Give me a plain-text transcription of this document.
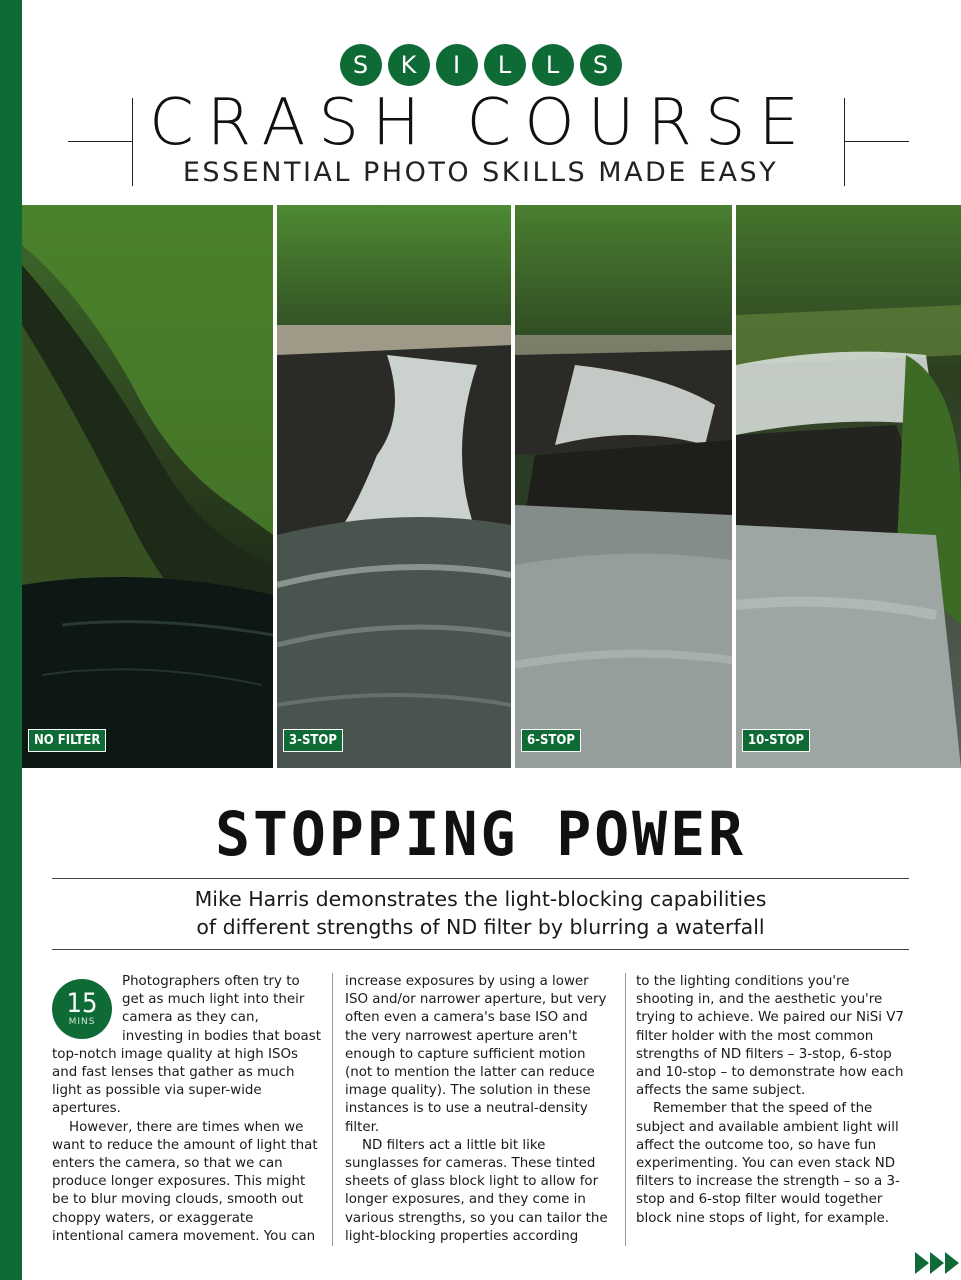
S	K	I	L	L	S
CRASH COURSE
ESSENTIAL PHOTO SKILLS MADE EASY
NO FILTER	3-STOP	6-STOP	10-STOP
STOPPING POWER
Mike Harris demonstrates the light-blocking capabilities
of different strengths of ND filter by blurring a waterfall
15
MINS

Photographers often try to get as much light into their camera as they can, investing in bodies that boast top-notch image quality at high ISOs and fast lenses that gather as much light as possible via super-wide apertures.

However, there are times when we want to reduce the amount of light that enters the camera, so that we can produce longer exposures. This might be to blur moving clouds, smooth out choppy waters, or exaggerate intentional camera movement. You can

increase exposures by using a lower ISO and/or narrower aperture, but very often even a camera's base ISO and the very narrowest aperture aren't enough to capture sufficient motion (not to mention the latter can reduce image quality). The solution in these instances is to use a neutral-density filter.

ND filters act a little bit like sunglasses for cameras. These tinted sheets of glass block light to allow for longer exposures, and they come in various strengths, so you can tailor the light-blocking properties according

to the lighting conditions you're shooting in, and the aesthetic you're trying to achieve. We paired our NiSi V7 filter holder with the most common strengths of ND filters – 3-stop, 6-stop and 10-stop – to demonstrate how each affects the same subject.

Remember that the speed of the subject and available ambient light will affect the outcome too, so have fun experimenting. You can even stack ND filters to increase the strength – so a 3-stop and 6-stop filter would together block nine stops of light, for example.
